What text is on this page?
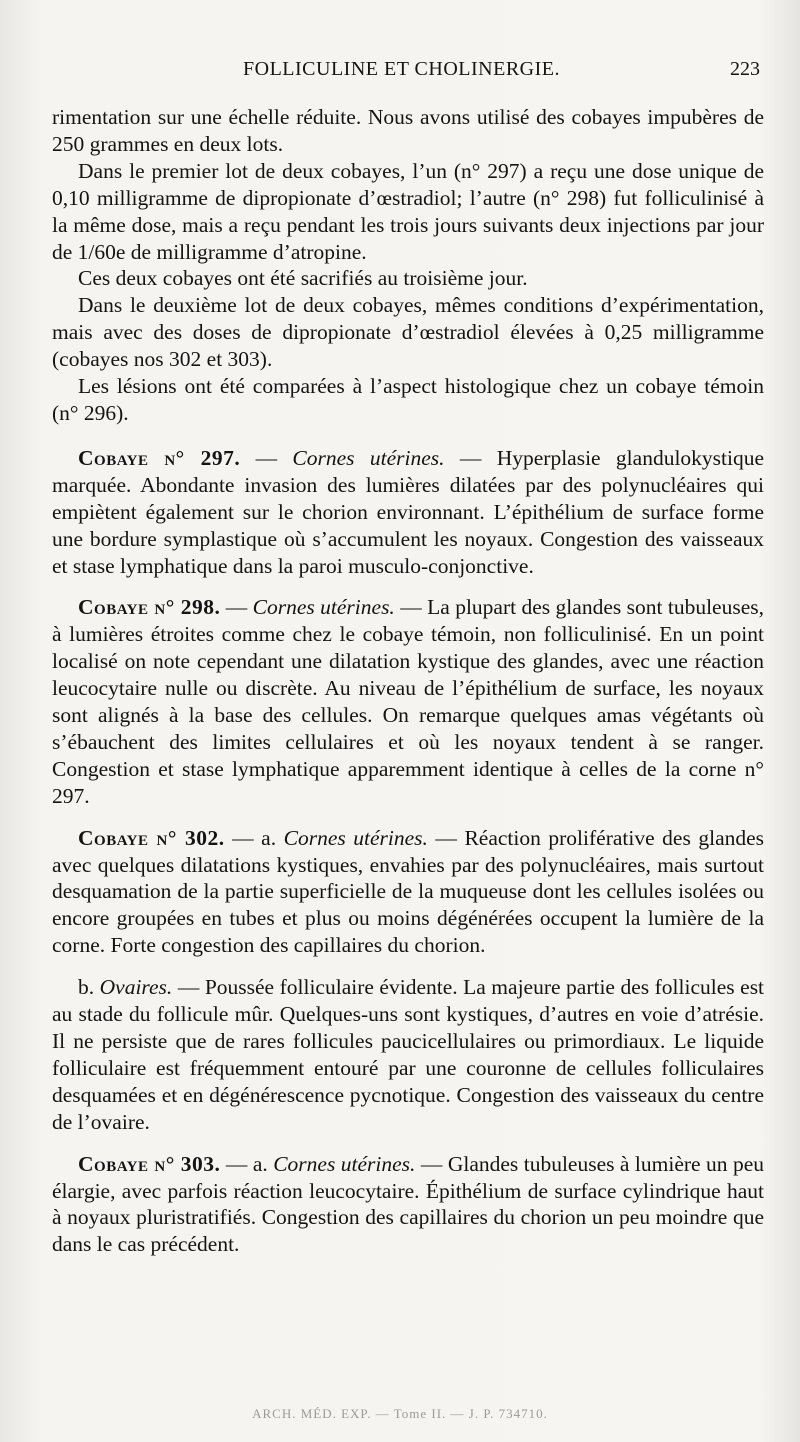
FOLLICULINE ET CHOLINERGIE.	223

rimentation sur une échelle réduite. Nous avons utilisé des cobayes impubères de 250 grammes en deux lots.

Dans le premier lot de deux cobayes, l’un (n° 297) a reçu une dose unique de 0,10 milligramme de dipropionate d’œstradiol; l’autre (n° 298) fut folliculinisé à la même dose, mais a reçu pendant les trois jours suivants deux injections par jour de 1/60e de milligramme d’atropine.

Ces deux cobayes ont été sacrifiés au troisième jour.

Dans le deuxième lot de deux cobayes, mêmes conditions d’expérimentation, mais avec des doses de dipropionate d’œstradiol élevées à 0,25 milligramme (cobayes nos 302 et 303).

Les lésions ont été comparées à l’aspect histologique chez un cobaye témoin (n° 296).

Cobaye n° 297. — Cornes utérines. — Hyperplasie glandulokystique marquée. Abondante invasion des lumières dilatées par des polynucléaires qui empiètent également sur le chorion environnant. L’épithélium de surface forme une bordure symplastique où s’accumulent les noyaux. Congestion des vaisseaux et stase lymphatique dans la paroi musculo-conjonctive.

Cobaye n° 298. — Cornes utérines. — La plupart des glandes sont tubuleuses, à lumières étroites comme chez le cobaye témoin, non folliculinisé. En un point localisé on note cependant une dilatation kystique des glandes, avec une réaction leucocytaire nulle ou discrète. Au niveau de l’épithélium de surface, les noyaux sont alignés à la base des cellules. On remarque quelques amas végétants où s’ébauchent des limites cellulaires et où les noyaux tendent à se ranger. Congestion et stase lymphatique apparemment identique à celles de la corne n° 297.

Cobaye n° 302. — a. Cornes utérines. — Réaction proliférative des glandes avec quelques dilatations kystiques, envahies par des polynucléaires, mais surtout desquamation de la partie superficielle de la muqueuse dont les cellules isolées ou encore groupées en tubes et plus ou moins dégénérées occupent la lumière de la corne. Forte congestion des capillaires du chorion.

b. Ovaires. — Poussée folliculaire évidente. La majeure partie des follicules est au stade du follicule mûr. Quelques-uns sont kystiques, d’autres en voie d’atrésie. Il ne persiste que de rares follicules paucicellulaires ou primordiaux. Le liquide folliculaire est fréquemment entouré par une couronne de cellules folliculaires desquamées et en dégénérescence pycnotique. Congestion des vaisseaux du centre de l’ovaire.

Cobaye n° 303. — a. Cornes utérines. — Glandes tubuleuses à lumière un peu élargie, avec parfois réaction leucocytaire. Épithélium de surface cylindrique haut à noyaux pluristratifiés. Congestion des capillaires du chorion un peu moindre que dans le cas précédent.

ARCH. MÉD. EXP. — Tome II. — J. P. 734710.
